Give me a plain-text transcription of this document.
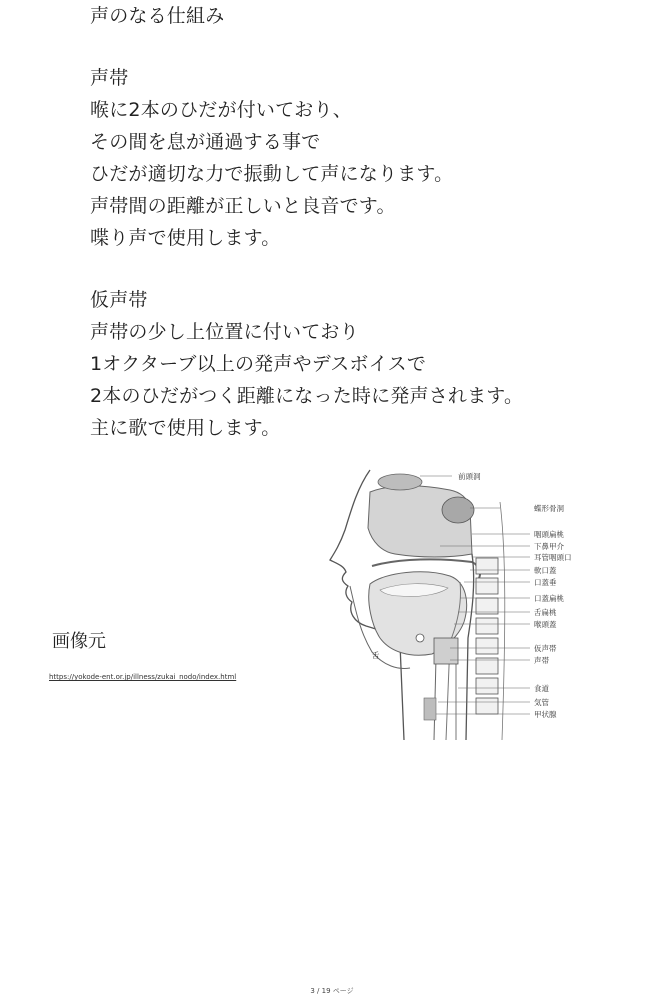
声のなる仕組み
声帯
喉に2本のひだが付いており、
その間を息が通過する事で
ひだが適切な力で振動して声になります。
声帯間の距離が正しいと良音です。
喋り声で使用します。
仮声帯
声帯の少し上位置に付いており
1オクターブ以上の発声やデスボイスで
2本のひだがつく距離になった時に発声されます。
主に歌で使用します。
前頭洞
蝶形骨洞
咽頭扁桃
下鼻甲介
耳管咽頭口
軟口蓋
口蓋垂
口蓋扁桃
舌扁桃
喉頭蓋
仮声帯
声帯
食道
気管
甲状腺
舌
画像元
https://yokode-ent.or.jp/illness/zukai_nodo/index.html
3 / 19 ページ
